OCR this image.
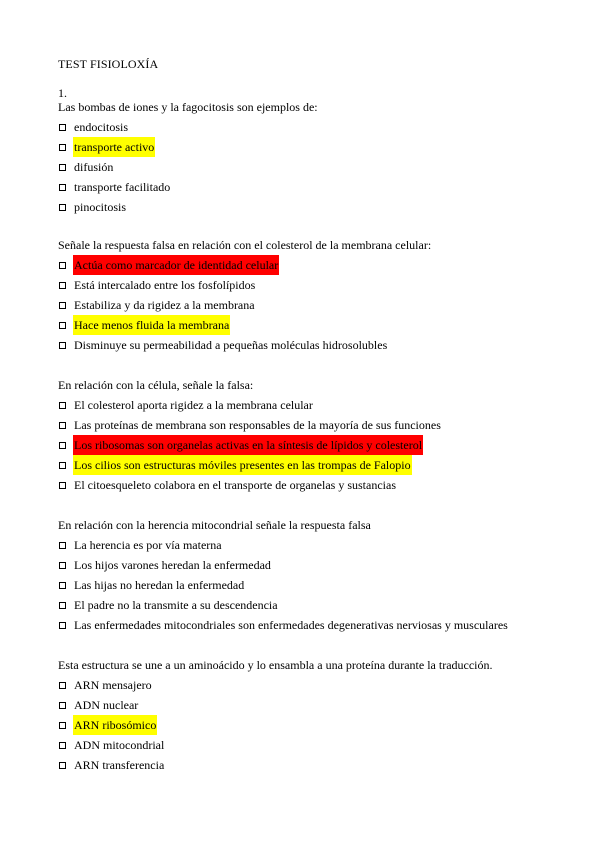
TEST FISIOLOXÍA
1.
Las bombas de iones y la fagocitosis son ejemplos de:
endocitosis
transporte activo
difusión
transporte facilitado
pinocitosis
Señale la respuesta falsa en relación con el colesterol de la membrana celular:
Actúa como marcador de identidad celular
Está intercalado entre los fosfolípidos
Estabiliza y da rigidez a la membrana
Hace menos fluida la membrana
Disminuye su permeabilidad a pequeñas moléculas hidrosolubles
En relación con la célula, señale la falsa:
El colesterol aporta rigidez a la membrana celular
Las proteínas de membrana son responsables de la mayoría de sus funciones
Los ribosomas son organelas activas en la síntesis de lípidos y colesterol
Los cilios son estructuras móviles presentes en las trompas de Falopio
El citoesqueleto colabora en el transporte de organelas y sustancias
En relación con la herencia mitocondrial señale la respuesta falsa
La herencia es por vía materna
Los hijos varones heredan la enfermedad
Las hijas no heredan la enfermedad
El padre no la transmite a su descendencia
Las enfermedades mitocondriales son enfermedades degenerativas nerviosas y musculares
Esta estructura se une a un aminoácido y lo ensambla a una proteína durante la traducción.
ARN mensajero
ADN nuclear
ARN ribosómico
ADN mitocondrial
ARN transferencia
